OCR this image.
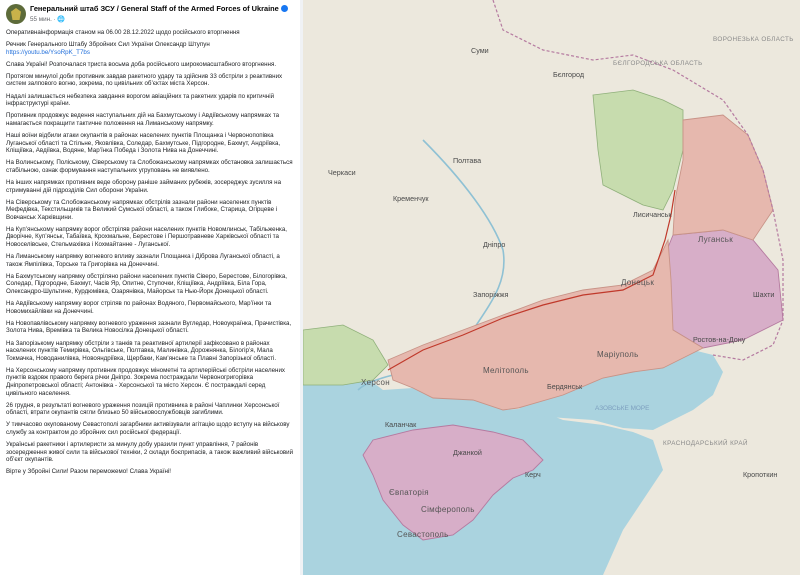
Генеральний штаб ЗСУ / General Staff of the Armed Forces of Ukraine
55 мин. · 🌐

Оперативнаінформація станом на 06.00 28.12.2022 щодо російського вторгнення

Речник Генерального Штабу Збройних Сил України Олександр Штупун
https://youtu.be/YsoRpK_T7bs

Слава Україні! Розпочалася триста восьма доба російського широкомасштабного вторгнення.

Протягом минулої доби противник завдав ракетного удару та здійснив 33 обстріли з реактивних систем залпового вогню, зокрема, по цивільних об’єктах міста Херсон.

Надалі залишається небезпека завдання ворогом авіаційних та ракетних ударів по критичній інфраструктурі країни.

Противник продовжує ведення наступальних дій на Бахмутському і Авдіївському напрямках та намагається покращити тактичне положення на Лиманському напрямку.

Наші воїни відбили атаки окупантів в районах населених пунктів Площанка і Червонопопівка Луганської області та Стільне, Яковлівка, Соледар, Бахмутське, Підгородне, Бахмут, Андріївка, Кліщіївка, Авдіївка, Водяне, Мар’їнка Победа і Золота Нива на Донеччині.

На Волинському, Поліському, Сіверському та Слобожанському напрямках обстановка залишається стабільною, ознак формування наступальних угруповань не виявлено.

На інших напрямках противник веде оборону раніше займаних рубежів, зосереджує зусилля на стримуванні дій підрозділів Сил оборони України.

На Сіверському та Слобожанському напрямках обстрілів зазнали райони населених пунктів Мефедівка, Текстильщиків та Великий Сумської області, а також Глибоке, Старица, Огірцеве і Вовчанськ Харківщини.

На Куп’янському напрямку ворог обстріляв райони населених пунктів Новомлинськ, Табільженка, Дворічне, Куп’янськ, Табаївка, Крохмальне, Берестове і Першотравневе Харківської області та Новоселівське, Стельмахівка і Кохмайтанне - Луганської.

На Лиманському напрямку вогневого впливу зазнали Площанка і Діброва Луганської області, а також Ямпілівка, Торське та Григорівка на Донеччині.

На Бахмутському напрямку обстріляно райони населених пунктів Сіверо, Берестове, Білогорівка, Соледар, Підгородне, Бахмут, Часів Яр, Опитне, Ступочки, Кліщіївка, Андріївка, Біла Гора, Олександро-Шультине, Курдюмівка, Озарянівка, Майорськ та Нью-Йорк Донецької області.

На Авдіївському напрямку ворог стріляв по районах Водяного, Первомайського, Мар’їнки та Новомихайлівки на Донеччині.

На Новопавлівському напрямку вогневого ураження зазнали Вугледар, Новоукраїнка, Прачистівка, Золота Нива, Времівка та Велика Новосілка Донецької області.

На Запорізькому напрямку обстріли з танків та реактивної артилерії зафіксовано в районах населених пунктів Темирівка, Ольгівське, Полтавка, Малинівка, Дорожнянка, Білогір’я, Мала Токмачка, Новоданилівка, Новояндріївка, Щербаки, Кам’янське та Плавні Запорізької області.

На Херсонському напрямку противник продовжує мінометні та артилерійські обстріли населених пунктів вздовж правого берега річки Дніпро. Зокрема постраждали Червоногригорівка Дніпропетровської області; Антонівка - Херсонської та місто Херсон. Є постраждалі серед цивільного населення.

26 грудня, в результаті вогневого ураження позицій противника в районі Чаплинки Херсонської області, втрати окупантів сягли близько 50 військовослужбовців загиблими.

У тимчасово окупованому Севастополі загарбники активізували агітацію щодо вступу на військову службу за контрактом до збройних сил російської федерації.

Українські ракетники і артилеристи за минулу добу уразили пункт управління, 7 районів зосередження живої сили та військової техніки, 2 склади боєприпасів, а також важливий військовий об’єкт окупантів.

Вірте у Збройні Сили! Разом переможемо! Слава Україні!

Суми
Бєлгород
ВОРОНЕЗЬКА ОБЛАСТЬ
БЄЛГОРОДСЬКА ОБЛАСТЬ
Черкаси
Кременчук
Полтава
Дніпро
Запоріжжя
Луганськ
Лисичанськ
Донецьк
Шахти
Ростов-на-Дону
Маріуполь
Мелітополь
Бердянськ
Херсон
Каланчак
Джанкой
Євпаторія
Сімферополь
Севастополь
Керч
АЗОВСЬКЕ МОРЕ
КРАСНОДАРСЬКИЙ КРАЙ
Кропоткин
